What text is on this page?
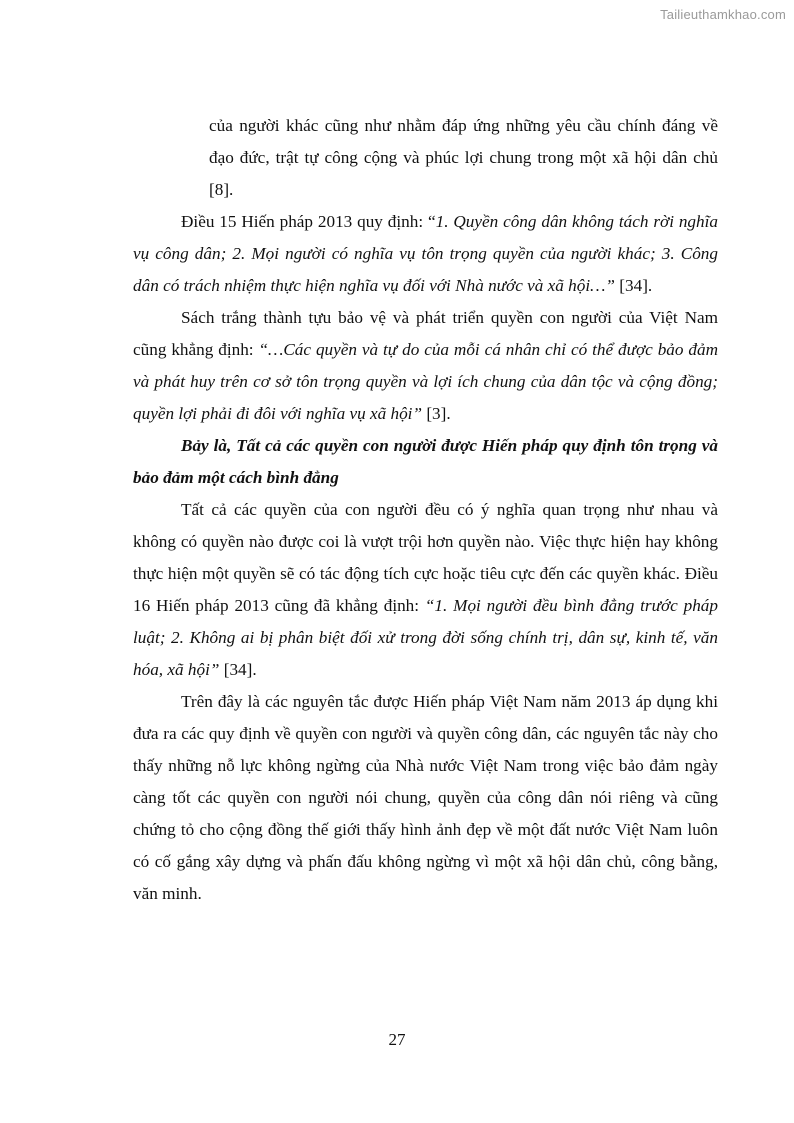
Tailieuthamkhao.com

của người khác cũng như nhằm đáp ứng những yêu cầu chính đáng về đạo đức, trật tự công cộng và phúc lợi chung trong một xã hội dân chủ [8].

Điều 15 Hiến pháp 2013 quy định: “1. Quyền công dân không tách rời nghĩa vụ công dân; 2. Mọi người có nghĩa vụ tôn trọng quyền của người khác; 3. Công dân có trách nhiệm thực hiện nghĩa vụ đối với Nhà nước và xã hội…” [34].

Sách trắng thành tựu bảo vệ và phát triển quyền con người của Việt Nam cũng khẳng định: “…Các quyền và tự do của mỗi cá nhân chỉ có thể được bảo đảm và phát huy trên cơ sở tôn trọng quyền và lợi ích chung của dân tộc và cộng đồng; quyền lợi phải đi đôi với nghĩa vụ xã hội” [3].

Bảy là, Tất cả các quyền con người được Hiến pháp quy định tôn trọng và bảo đảm một cách bình đẳng

Tất cả các quyền của con người đều có ý nghĩa quan trọng như nhau và không có quyền nào được coi là vượt trội hơn quyền nào. Việc thực hiện hay không thực hiện một quyền sẽ có tác động tích cực hoặc tiêu cực đến các quyền khác. Điều 16 Hiến pháp 2013 cũng đã khẳng định: “1. Mọi người đều bình đẳng trước pháp luật; 2. Không ai bị phân biệt đối xử trong đời sống chính trị, dân sự, kinh tế, văn hóa, xã hội” [34].

Trên đây là các nguyên tắc được Hiến pháp Việt Nam năm 2013 áp dụng khi đưa ra các quy định về quyền con người và quyền công dân, các nguyên tắc này cho thấy những nỗ lực không ngừng của Nhà nước Việt Nam trong việc bảo đảm ngày càng tốt các quyền con người nói chung, quyền của công dân nói riêng và cũng chứng tỏ cho cộng đồng thế giới thấy hình ảnh đẹp về một đất nước Việt Nam luôn có cố gắng xây dựng và phấn đấu không ngừng vì một xã hội dân chủ, công bằng, văn minh.

27
